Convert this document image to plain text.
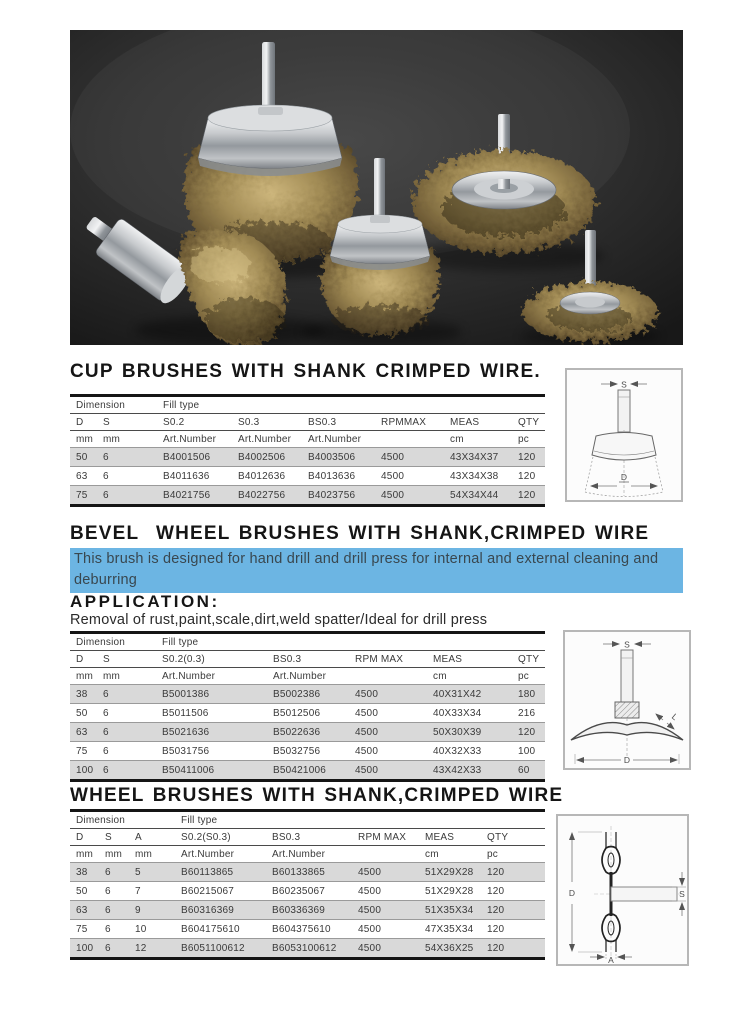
CUP BRUSHES WITH SHANK CRIMPED WIRE.
Dimension		Fill type					
D	S	S0.2	S0.3	BS0.3	RPMMAX	MEAS	QTY
mm	mm	Art.Number	Art.Number	Art.Number		cm	pc
50	6	B4001506	B4002506	B4003506	4500	43X34X37	120
63	6	B4011636	B4012636	B4013636	4500	43X34X38	120
75	6	B4021756	B4022756	B4023756	4500	54X34X44	120
S
D
BEVEL  WHEEL BRUSHES WITH SHANK,CRIMPED WIRE
This brush is designed for hand drill and drill press for internal and external cleaning and deburring
APPLICATION:
Removal of rust,paint,scale,dirt,weld spatter/Ideal for drill press
Dimension		Fill type				
D	S	S0.2(0.3)	BS0.3	RPM MAX	MEAS	QTY
mm	mm	Art.Number	Art.Number		cm	pc
38	6	B5001386	B5002386	4500	40X31X42	180
50	6	B5011506	B5012506	4500	40X33X34	216
63	6	B5021636	B5022636	4500	50X30X39	120
75	6	B5031756	B5032756	4500	40X32X33	100
100	6	B50411006	B50421006	4500	43X42X33	60
S
D
L
WHEEL BRUSHES WITH SHANK,CRIMPED WIRE
Dimension			Fill type				
D	S	A	S0.2(S0.3)	BS0.3	RPM MAX	MEAS	QTY
mm	mm	mm	Art.Number	Art.Number		cm	pc
38	6	5	B60113865	B60133865	4500	51X29X28	120
50	6	7	B60215067	B60235067	4500	51X29X28	120
63	6	9	B60316369	B60336369	4500	51X35X34	120
75	6	10	B604175610	B604375610	4500	47X35X34	120
100	6	12	B6051100612	B6053100612	4500	54X36X25	120
D	S
A
